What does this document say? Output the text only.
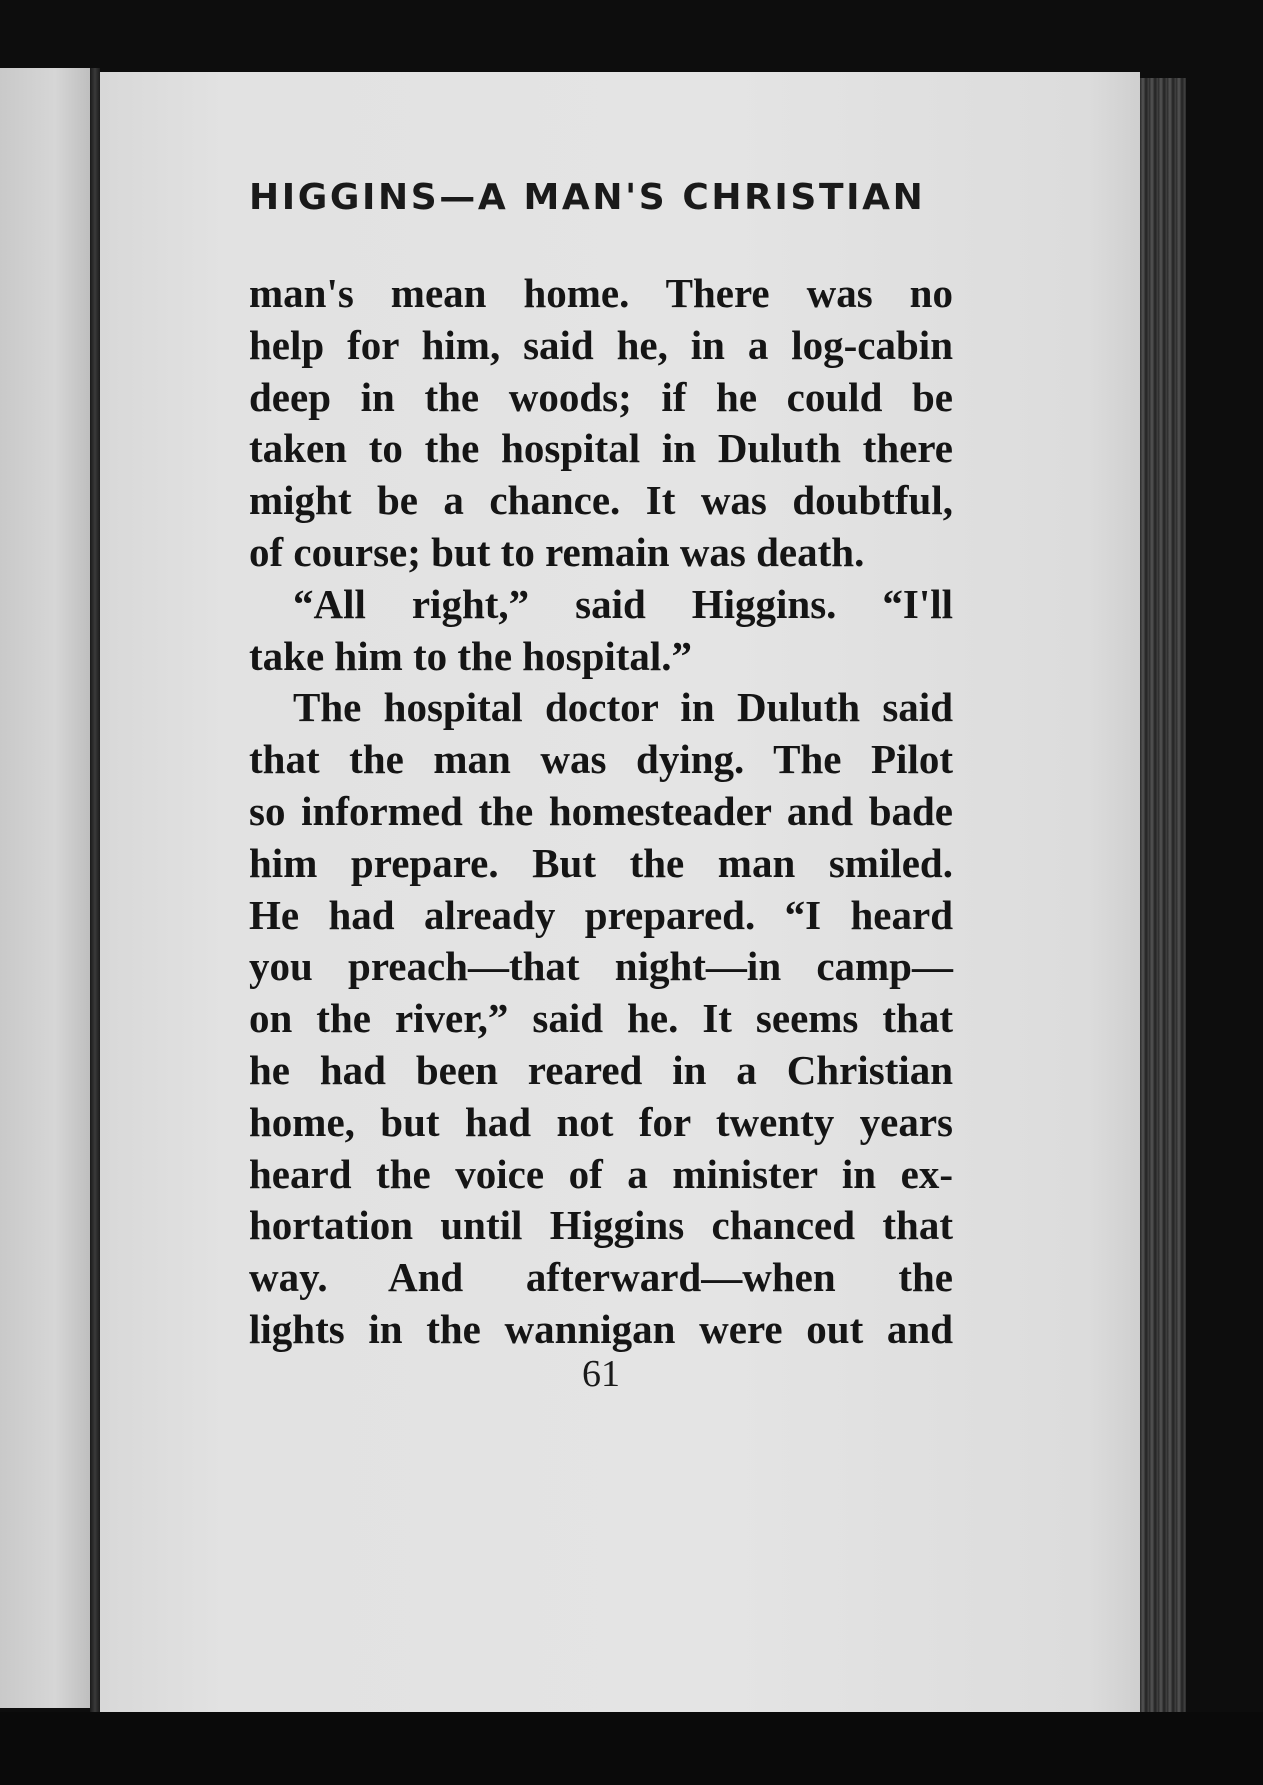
HIGGINS—A MAN'S CHRISTIAN
man's mean home. There was no
help for him, said he, in a log-cabin
deep in the woods; if he could be
taken to the hospital in Duluth there
might be a chance. It was doubtful,
of course; but to remain was death.
“All right,” said Higgins. “I'll
take him to the hospital.”
The hospital doctor in Duluth said
that the man was dying. The Pilot
so informed the homesteader and bade
him prepare. But the man smiled.
He had already prepared. “I heard
you preach—that night—in camp—
on the river,” said he. It seems that
he had been reared in a Christian
home, but had not for twenty years
heard the voice of a minister in ex-
hortation until Higgins chanced that
way. And afterward—when the
lights in the wannigan were out and
61
